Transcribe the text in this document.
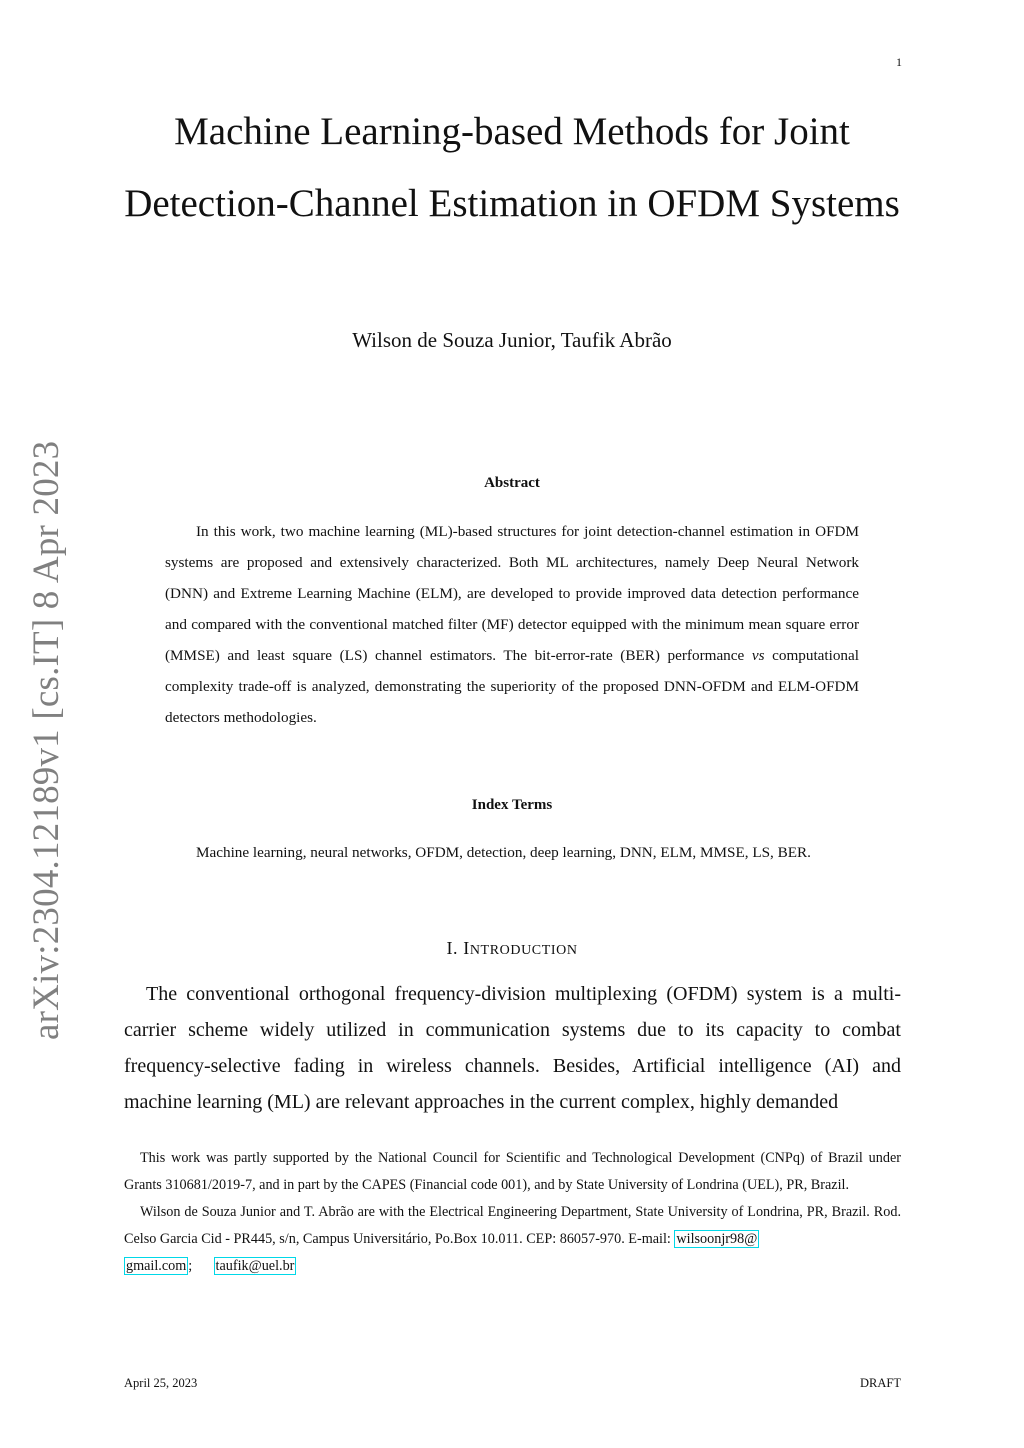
1
arXiv:2304.12189v1 [cs.IT] 8 Apr 2023
Machine Learning-based Methods for Joint Detection-Channel Estimation in OFDM Systems
Wilson de Souza Junior, Taufik Abrão
Abstract

In this work, two machine learning (ML)-based structures for joint detection-channel estimation in OFDM systems are proposed and extensively characterized. Both ML architectures, namely Deep Neural Network (DNN) and Extreme Learning Machine (ELM), are developed to provide improved data detection performance and compared with the conventional matched filter (MF) detector equipped with the minimum mean square error (MMSE) and least square (LS) channel estimators. The bit-error-rate (BER) performance vs computational complexity trade-off is analyzed, demonstrating the superiority of the proposed DNN-OFDM and ELM-OFDM detectors methodologies.

Index Terms

Machine learning, neural networks, OFDM, detection, deep learning, DNN, ELM, MMSE, LS, BER.

I. INTRODUCTION

The conventional orthogonal frequency-division multiplexing (OFDM) system is a multi-carrier scheme widely utilized in communication systems due to its capacity to combat frequency-selective fading in wireless channels. Besides, Artificial intelligence (AI) and machine learning (ML) are relevant approaches in the current complex, highly demanded

This work was partly supported by the National Council for Scientific and Technological Development (CNPq) of Brazil under Grants 310681/2019-7, and in part by the CAPES (Financial code 001), and by State University of Londrina (UEL), PR, Brazil.

Wilson de Souza Junior and T. Abrão are with the Electrical Engineering Department, State University of Londrina, PR, Brazil. Rod. Celso Garcia Cid - PR445, s/n, Campus Universitário, Po.Box 10.011. CEP: 86057-970. E-mail: wilsoonjr98@
gmail.com ; taufik@uel.br

April 25, 2023	DRAFT
